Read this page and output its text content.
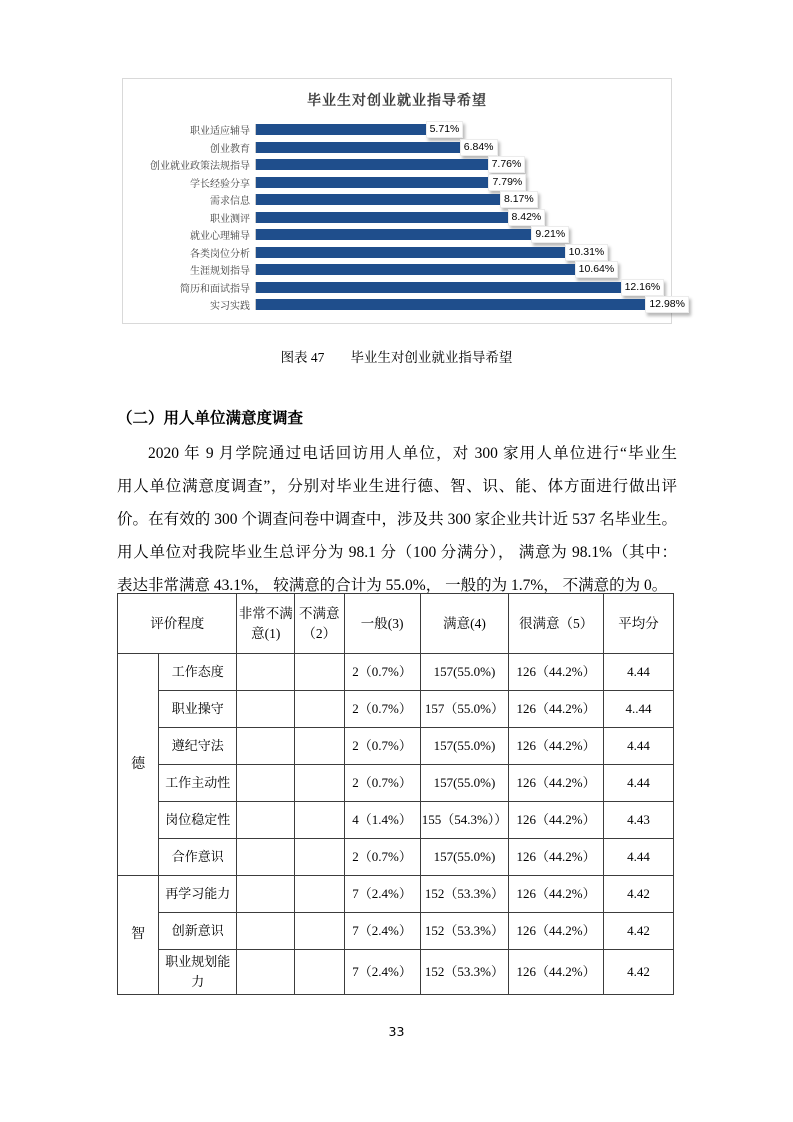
毕业生对创业就业指导希望
职业适应辅导	5.71%
创业教育	6.84%
创业就业政策法规指导	7.76%
学长经验分享	7.79%
需求信息	8.17%
职业测评	8.42%
就业心理辅导	9.21%
各类岗位分析	10.31%
生涯规划指导	10.64%
简历和面试指导	12.16%
实习实践	12.98%
图表 47 毕业生对创业就业指导希望
（二）用人单位满意度调查
2020 年 9 月学院通过电话回访用人单位，对 300 家用人单位进行“毕业生
用人单位满意度调查”，分别对毕业生进行德、智、识、能、体方面进行做出评
价。在有效的 300 个调查问卷中调查中，涉及共 300 家企业共计近 537 名毕业生。
用人单位对我院毕业生总评分为 98.1 分（100 分满分）， 满意为 98.1%（其中：
表达非常满意 43.1%， 较满意的合计为 55.0%， 一般的为 1.7%， 不满意的为 0。
评价程度		非常不满意(1)	不满意（2）	一般(3)	满意(4)	很满意（5）	平均分
德	工作态度			2（0.7%）	157(55.0%)	126（44.2%）	4.44
	职业操守			2（0.7%）	157（55.0%）	126（44.2%）	4..44
	遵纪守法			2（0.7%）	157(55.0%)	126（44.2%）	4.44
	工作主动性			2（0.7%）	157(55.0%)	126（44.2%）	4.44
	岗位稳定性			4（1.4%）	155（54.3%））	126（44.2%）	4.43
	合作意识			2（0.7%）	157(55.0%)	126（44.2%）	4.44
智	再学习能力			7（2.4%）	152（53.3%）	126（44.2%）	4.42
	创新意识			7（2.4%）	152（53.3%）	126（44.2%）	4.42
	职业规划能力			7（2.4%）	152（53.3%）	126（44.2%）	4.42
33
